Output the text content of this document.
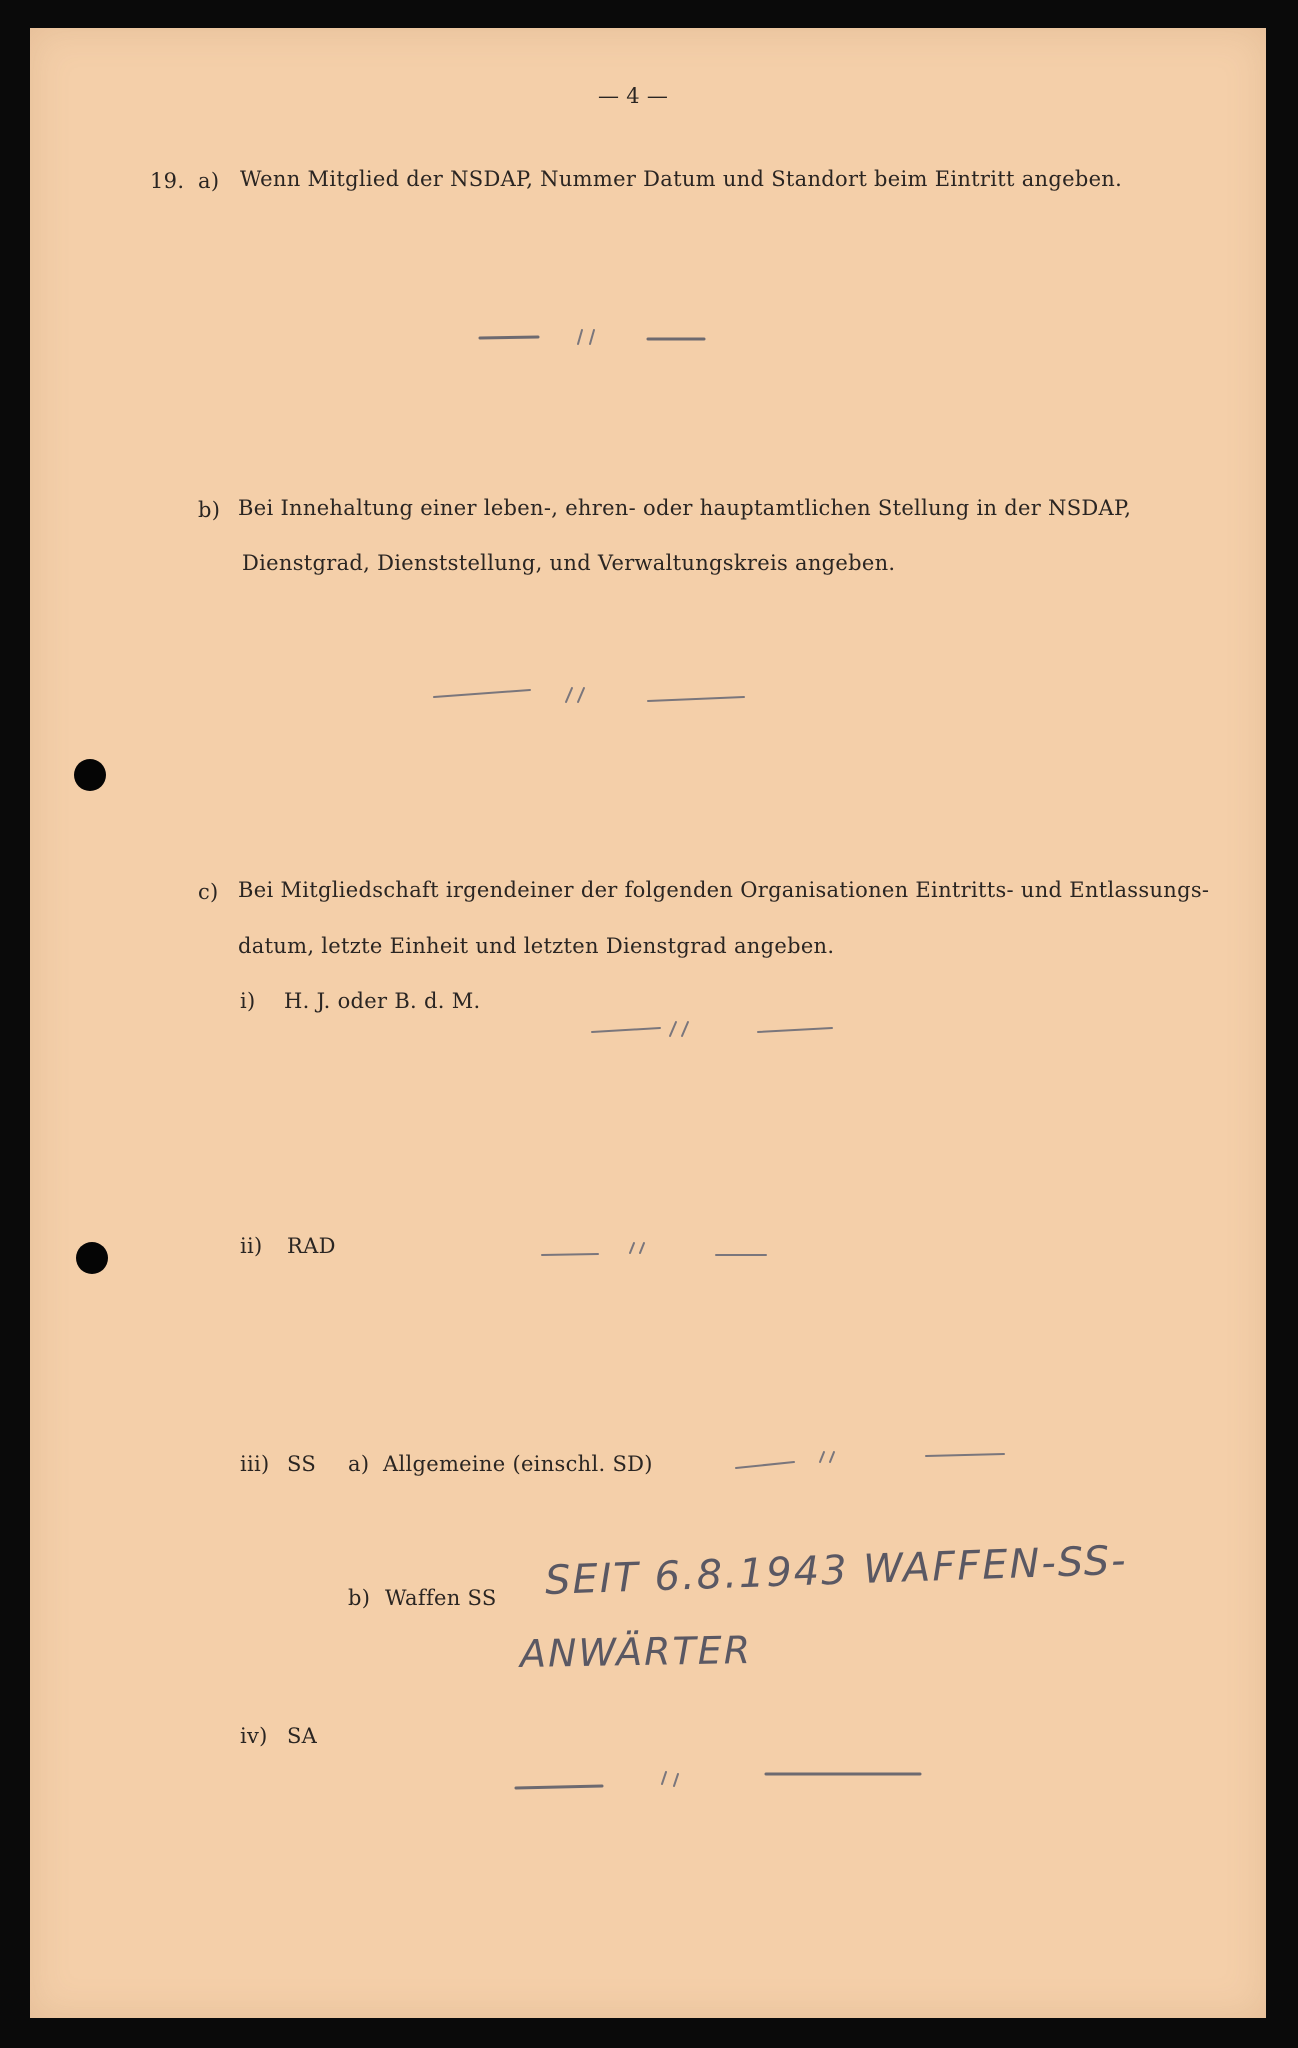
— 4 —
19. a) Wenn Mitglied der NSDAP, Nummer Datum und Standort beim Eintritt angeben.
b) Bei Innehaltung einer leben-, ehren- oder hauptamtlichen Stellung in der NSDAP,
Dienstgrad, Dienststellung, und Verwaltungskreis angeben.
c) Bei Mitgliedschaft irgendeiner der folgenden Organisationen Eintritts- und Entlassungs-
datum, letzte Einheit und letzten Dienstgrad angeben.
i) H. J. oder B. d. M.
ii) RAD
iii) SS a) Allgemeine (einschl. SD)
b) Waffen SS
iv) SA
SEIT 6.8.1943 WAFFEN-SS-
ANWÄRTER
